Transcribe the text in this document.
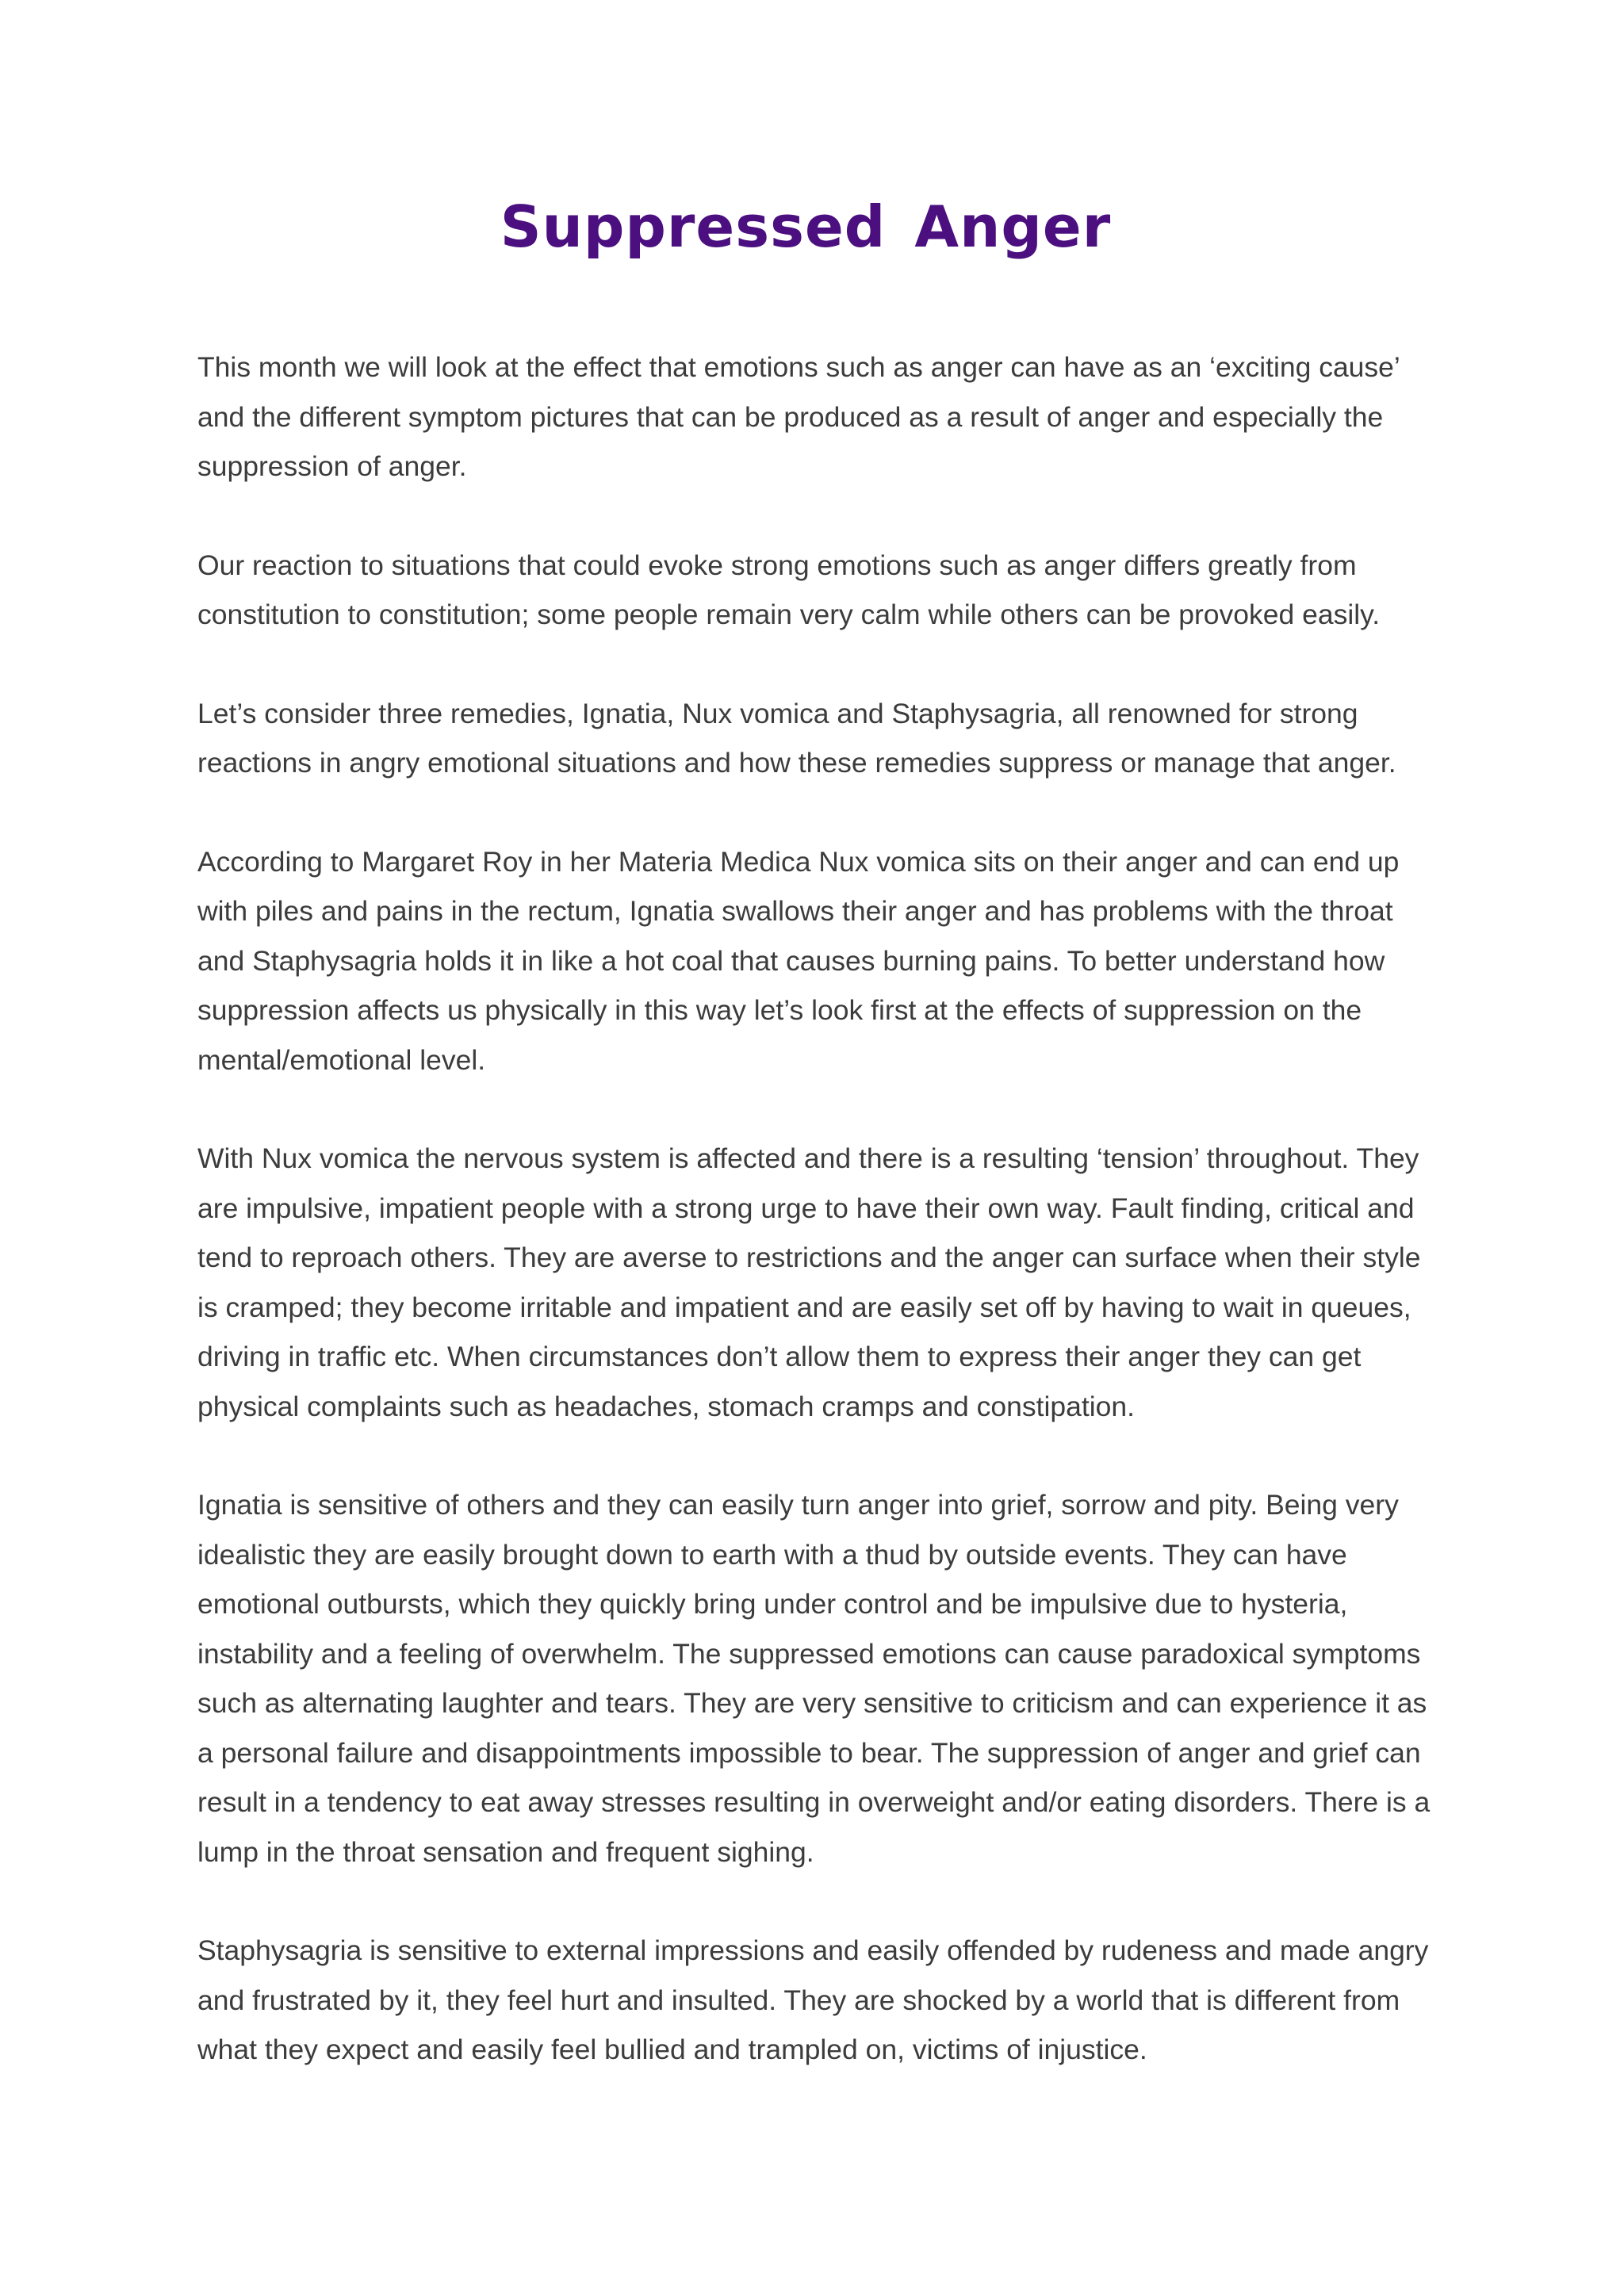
Suppressed Anger

This month we will look at the effect that emotions such as anger can have as an ‘exciting cause’ and the different symptom pictures that can be produced as a result of anger and especially the suppression of anger.

Our reaction to situations that could evoke strong emotions such as anger differs greatly from constitution to constitution; some people remain very calm while others can be provoked easily.

Let’s consider three remedies, Ignatia, Nux vomica and Staphysagria, all renowned for strong reactions in angry emotional situations and how these remedies suppress or manage that anger.

According to Margaret Roy in her Materia Medica Nux vomica sits on their anger and can end up with piles and pains in the rectum, Ignatia swallows their anger and has problems with the throat and Staphysagria holds it in like a hot coal that causes burning pains. To better understand how suppression affects us physically in this way let’s look first at the effects of suppression on the mental/emotional level.

With Nux vomica the nervous system is affected and there is a resulting ‘tension’ throughout. They are impulsive, impatient people with a strong urge to have their own way. Fault finding, critical and tend to reproach others. They are averse to restrictions and the anger can surface when their style is cramped; they become irritable and impatient and are easily set off by having to wait in queues, driving in traffic etc. When circumstances don’t allow them to express their anger they can get physical complaints such as headaches, stomach cramps and constipation.

Ignatia is sensitive of others and they can easily turn anger into grief, sorrow and pity. Being very idealistic they are easily brought down to earth with a thud by outside events. They can have emotional outbursts, which they quickly bring under control and be impulsive due to hysteria, instability and a feeling of overwhelm. The suppressed emotions can cause paradoxical symptoms such as alternating laughter and tears. They are very sensitive to criticism and can experience it as a personal failure and disappointments impossible to bear. The suppression of anger and grief can result in a tendency to eat away stresses resulting in overweight and/or eating disorders. There is a lump in the throat sensation and frequent sighing.

Staphysagria is sensitive to external impressions and easily offended by rudeness and made angry and frustrated by it, they feel hurt and insulted. They are shocked by a world that is different from what they expect and easily feel bullied and trampled on, victims of injustice.
